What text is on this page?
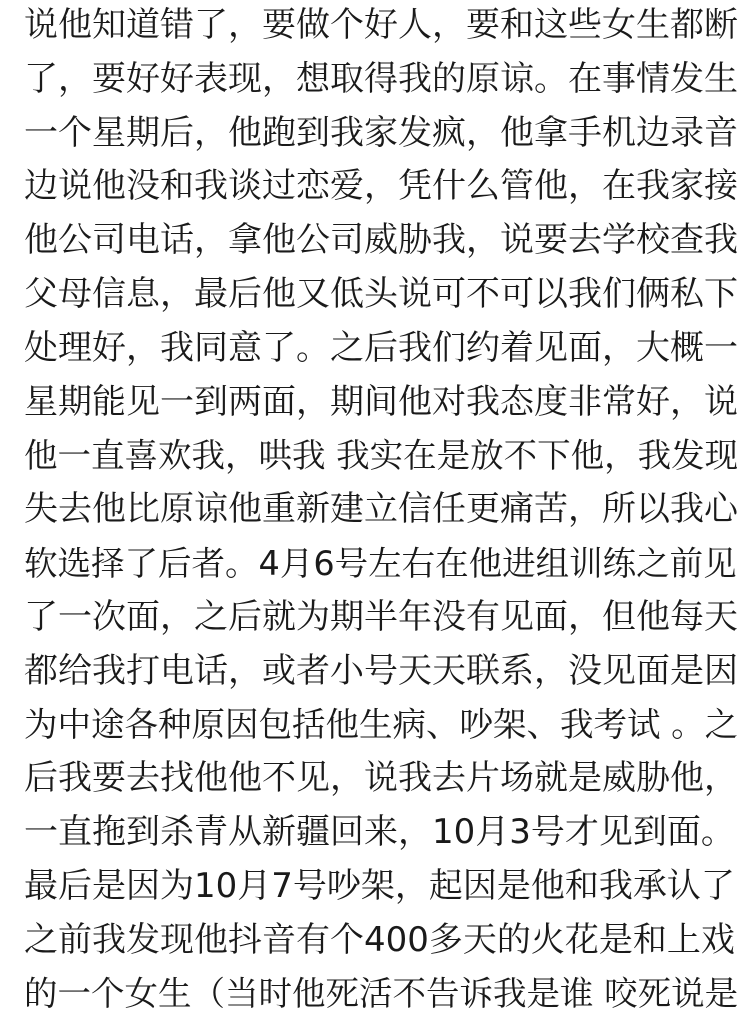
说他知道错了，要做个好人，要和这些女生都断
了，要好好表现，想取得我的原谅。在事情发生
一个星期后，他跑到我家发疯，他拿手机边录音
边说他没和我谈过恋爱，凭什么管他，在我家接
他公司电话，拿他公司威胁我，说要去学校查我
父母信息，最后他又低头说可不可以我们俩私下
处理好，我同意了。之后我们约着见面，大概一
星期能见一到两面，期间他对我态度非常好，说
他一直喜欢我，哄我 我实在是放不下他，我发现
失去他比原谅他重新建立信任更痛苦，所以我心
软选择了后者。4月6号左右在他进组训练之前见
了一次面，之后就为期半年没有见面，但他每天
都给我打电话，或者小号天天联系，没见面是因
为中途各种原因包括他生病、吵架、我考试 。之
后我要去找他他不见，说我去片场就是威胁他，
一直拖到杀青从新疆回来，10月3号才见到面。
最后是因为10月7号吵架，起因是他和我承认了
之前我发现他抖音有个400多天的火花是和上戏
的一个女生（当时他死活不告诉我是谁 咬死说是
